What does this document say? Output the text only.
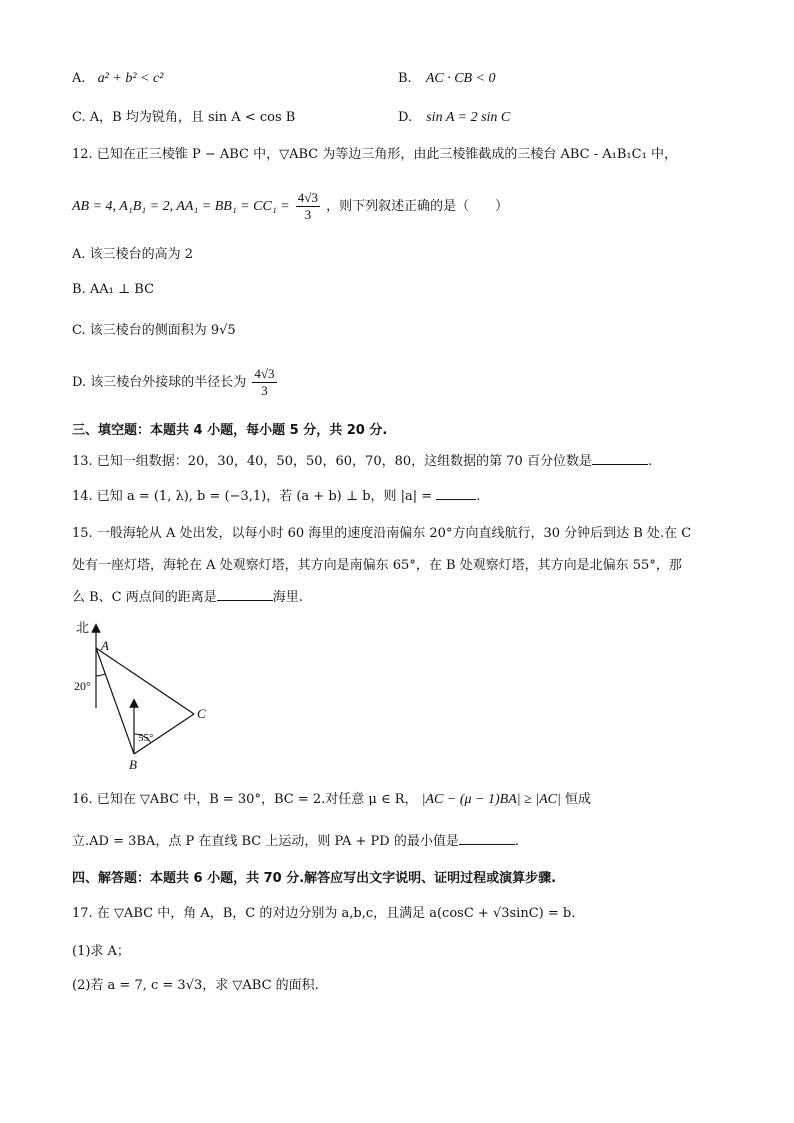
A. a² + b² < c²	B. AC · CB < 0
C. A，B 均为锐角，且 sin A < cos B	D. sin A = 2 sin C
12. 已知在正三棱锥 P − ABC 中，▽ABC 为等边三角形，由此三棱锥截成的三棱台 ABC - A₁B₁C₁ 中，
AB = 4, A₁B₁ = 2, $AA_1 = BB_1 = CC_1 = \frac{4√3}{3}$ ，则下列叙述正确的是（　　）
A. 该三棱台的高为 2
B. AA₁ ⊥ BC
C. 该三棱台的侧面积为 9√5
D. 该三棱台外接球的半径长为 $\frac{4√3}{3}$
三、填空题：本题共 4 小题，每小题 5 分，共 20 分.
13. 已知一组数据：20，30，40，50，50，60，70，80，这组数据的第 70 百分位数是	.
14. 已知 a = (1, λ), b = (−3,1)，若 (a + b) ⊥ b，则 |a| =	.
15. 一般海轮从 A 处出发，以每小时 60 海里的速度沿南偏东 20°方向直线航行，30 分钟后到达 B 处.在 C
处有一座灯塔，海轮在 A 处观察灯塔，其方向是南偏东 65°，在 B 处观察灯塔，其方向是北偏东 55°，那
么 B、C 两点间的距离是	海里.
北
A
B
C
20°
55°
16. 已知在 ▽ABC 中，B = 30°，BC = 2.对任意 μ ∈ R， |AC − (μ − 1)BA| ≥ |AC| 恒成
立.AD = 3BA，点 P 在直线 BC 上运动，则 PA + PD 的最小值是	.
四、解答题：本题共 6 小题，共 70 分.解答应写出文字说明、证明过程或演算步骤.
17. 在 ▽ABC 中，角 A，B，C 的对边分别为 a,b,c，且满足 a(cosC + √3sinC) = b.
(1)求 A；
(2)若 a = 7, c = 3√3，求 ▽ABC 的面积.
